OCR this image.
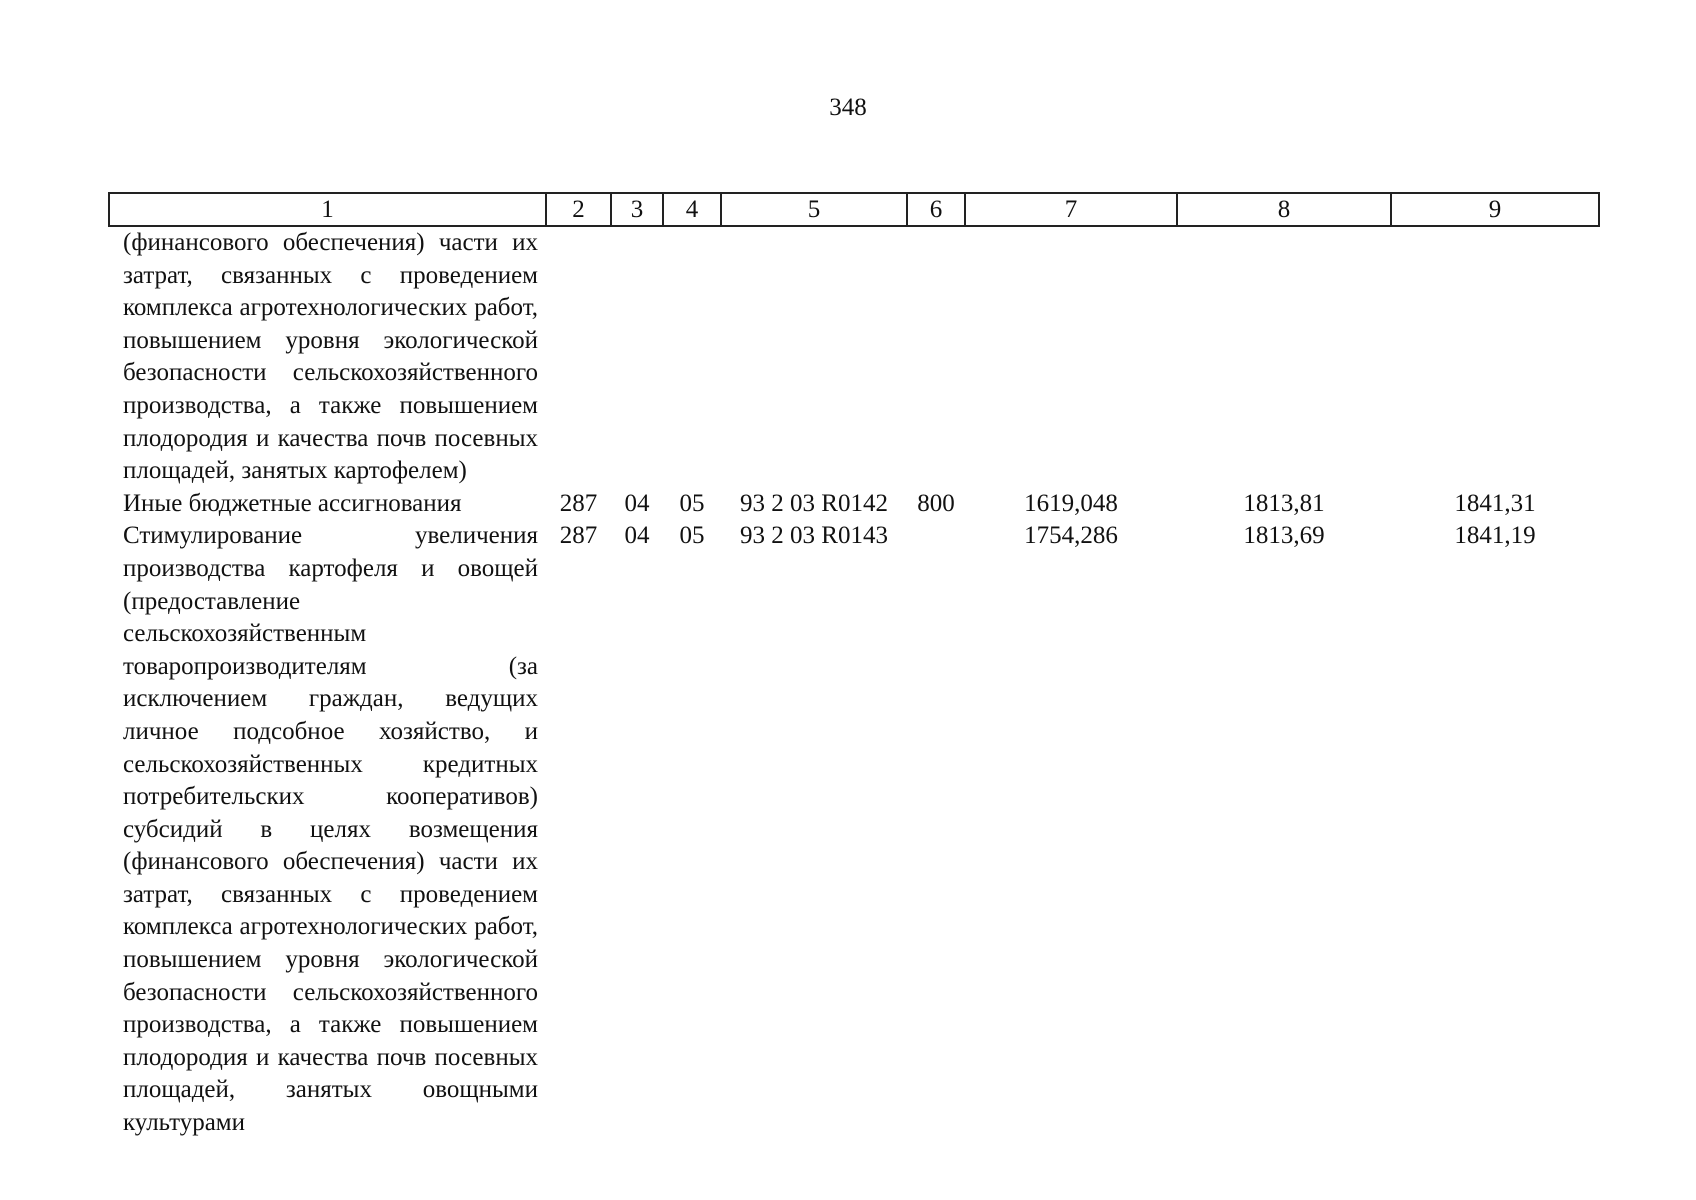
348
1	2	3	4	5	6	7	8	9
(финансового обеспечения) части их затрат, связанных с проведением комплекса агротехнологических работ, повышением уровня экологической безопасности сельскохозяйственного производства, а также повышением плодородия и качества почв посевных площадей, занятых картофелем)								
Иные бюджетные ассигнования	287	04	05	93 2 03 R0142	800	1619,048	1813,81	1841,31
Стимулирование увеличения производства картофеля и овощей (предоставление сельскохозяйственным товаропроизводителям (за исключением граждан, ведущих личное подсобное хозяйство, и сельскохозяйственных кредитных потребительских кооперативов) субсидий в целях возмещения (финансового обеспечения) части их затрат, связанных с проведением комплекса агротехнологических работ, повышением уровня экологической безопасности сельскохозяйственного производства, а также повышением плодородия и качества почв посевных площадей, занятых овощными культурами	287	04	05	93 2 03 R0143		1754,286	1813,69	1841,19
